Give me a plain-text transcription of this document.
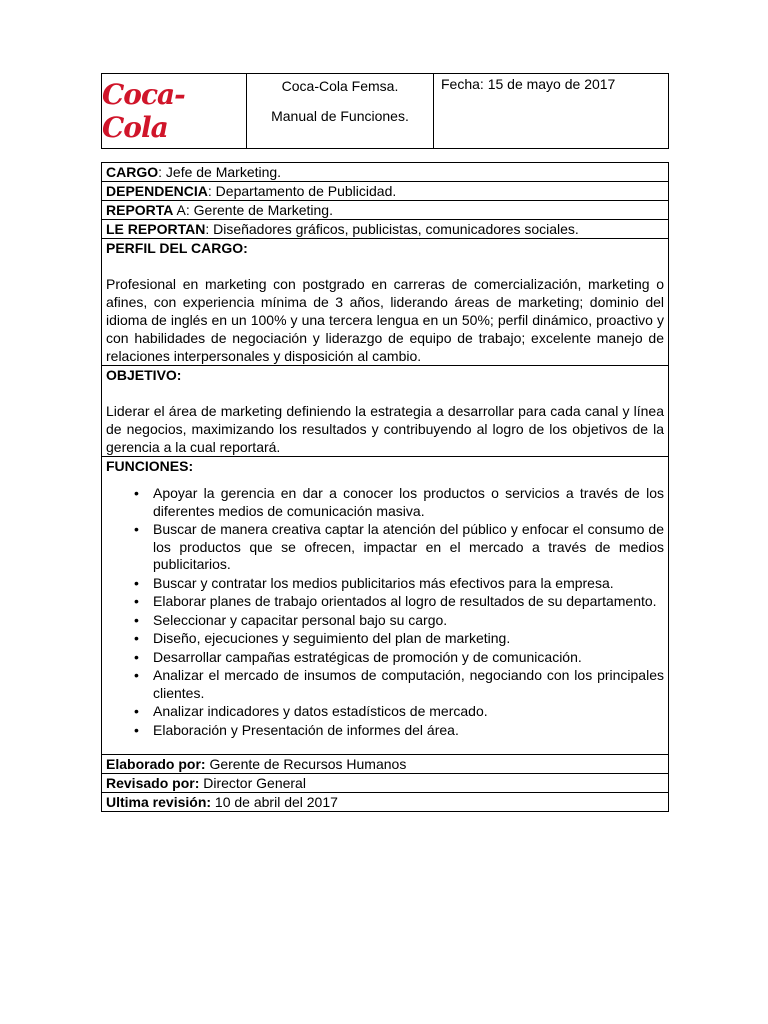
Coca-Cola
Coca-Cola Femsa.
Manual de Funciones.
Fecha: 15 de mayo de 2017
CARGO: Jefe de Marketing.
DEPENDENCIA: Departamento de Publicidad.
REPORTA A: Gerente de Marketing.
LE REPORTAN: Diseñadores gráficos, publicistas, comunicadores sociales.
PERFIL DEL CARGO:

Profesional en marketing con postgrado en carreras de comercialización, marketing o afines, con experiencia mínima de 3 años, liderando áreas de marketing; dominio del idioma de inglés en un 100% y una tercera lengua en un 50%; perfil dinámico, proactivo y con habilidades de negociación y liderazgo de equipo de trabajo; excelente manejo de relaciones interpersonales y disposición al cambio.

OBJETIVO:

Liderar el área de marketing definiendo la estrategia a desarrollar para cada canal y línea de negocios, maximizando los resultados y contribuyendo al logro de los objetivos de la gerencia a la cual reportará.

FUNCIONES:
• Apoyar la gerencia en dar a conocer los productos o servicios a través de los diferentes medios de comunicación masiva.
• Buscar de manera creativa captar la atención del público y enfocar el consumo de los productos que se ofrecen, impactar en el mercado a través de medios publicitarios.
• Buscar y contratar los medios publicitarios más efectivos para la empresa.
• Elaborar planes de trabajo orientados al logro de resultados de su departamento.
• Seleccionar y capacitar personal bajo su cargo.
• Diseño, ejecuciones y seguimiento del plan de marketing.
• Desarrollar campañas estratégicas de promoción y de comunicación.
• Analizar el mercado de insumos de computación, negociando con los principales clientes.
• Analizar indicadores y datos estadísticos de mercado.
• Elaboración y Presentación de informes del área.
Elaborado por: Gerente de Recursos Humanos
Revisado por: Director General
Ultima revisión: 10 de abril del 2017
